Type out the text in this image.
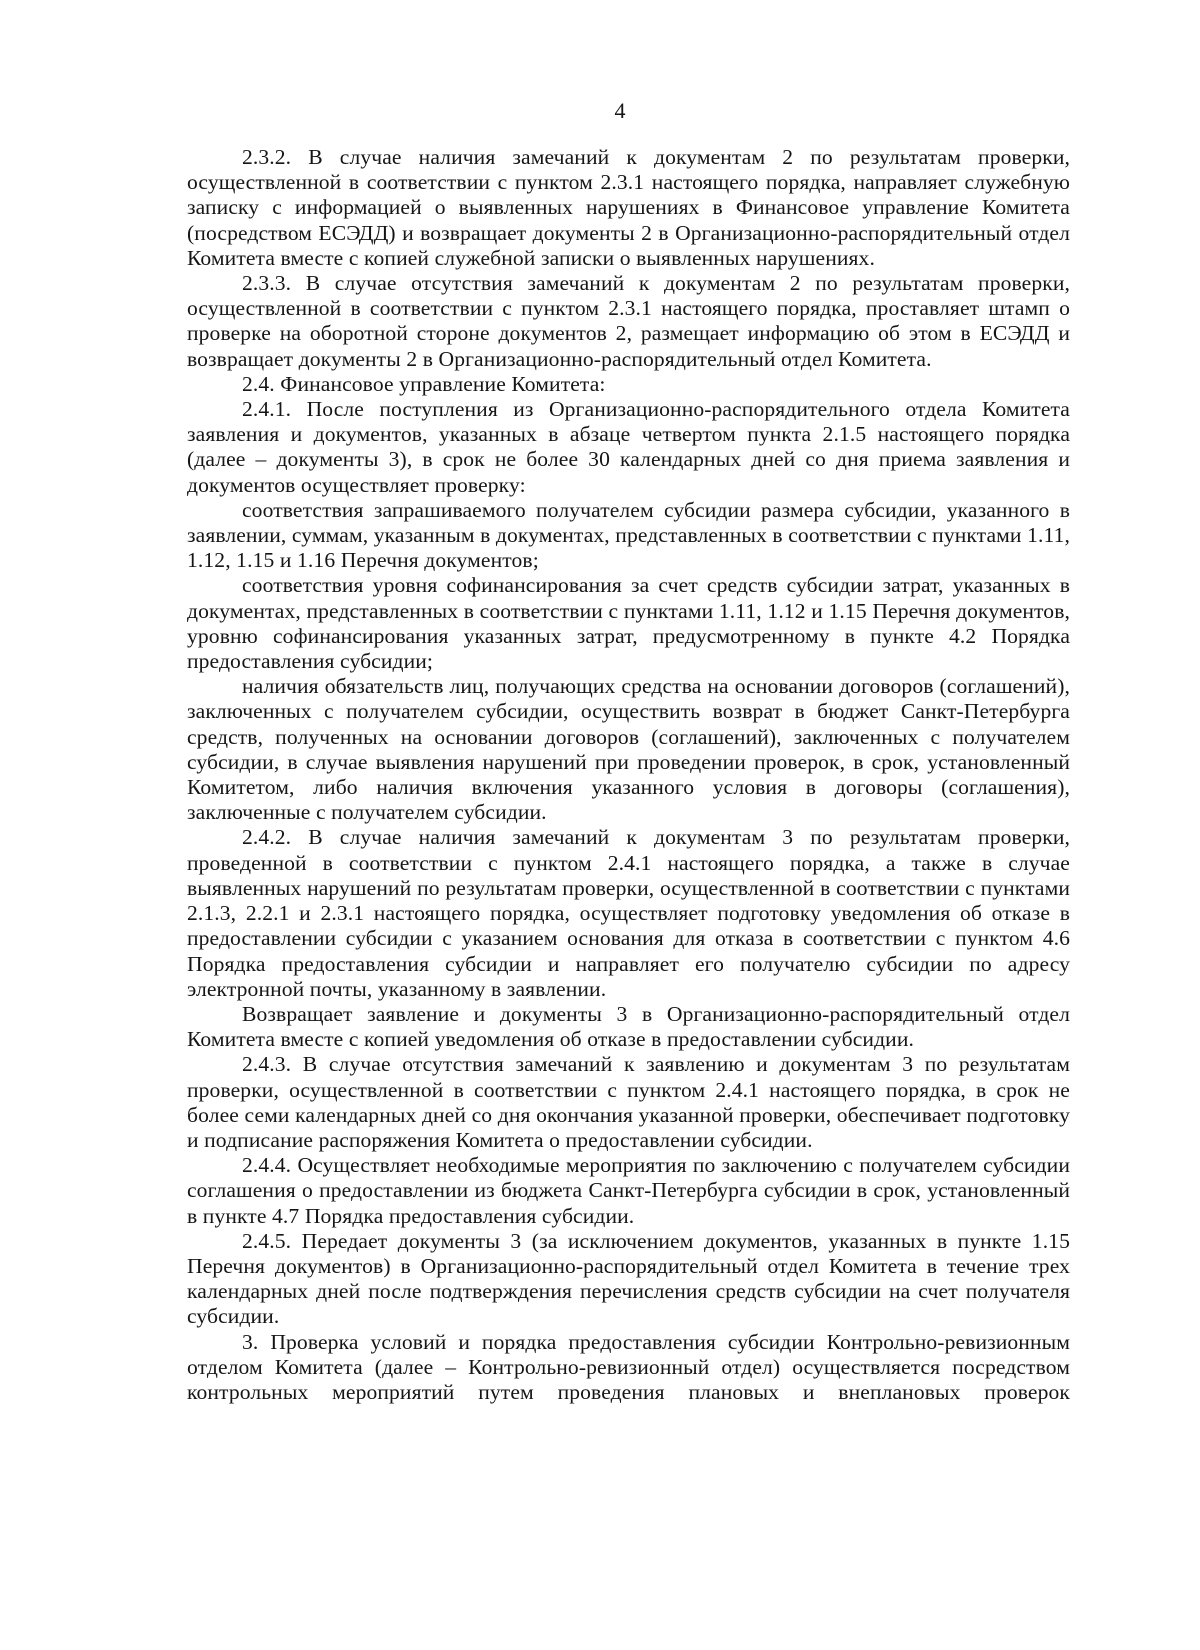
4

2.3.2. В случае наличия замечаний к документам 2 по результатам проверки, осуществленной в соответствии с пунктом 2.3.1 настоящего порядка, направляет служебную записку с информацией о выявленных нарушениях в Финансовое управление Комитета (посредством ЕСЭДД) и возвращает документы 2 в Организационно-распорядительный отдел Комитета вместе с копией служебной записки о выявленных нарушениях.

2.3.3. В случае отсутствия замечаний к документам 2 по результатам проверки, осуществленной в соответствии с пунктом 2.3.1 настоящего порядка, проставляет штамп о проверке на оборотной стороне документов 2, размещает информацию об этом в ЕСЭДД и возвращает документы 2 в Организационно-распорядительный отдел Комитета.

2.4. Финансовое управление Комитета:

2.4.1. После поступления из Организационно-распорядительного отдела Комитета заявления и документов, указанных в абзаце четвертом пункта 2.1.5 настоящего порядка (далее – документы 3), в срок не более 30 календарных дней со дня приема заявления и документов осуществляет проверку:

соответствия запрашиваемого получателем субсидии размера субсидии, указанного в заявлении, суммам, указанным в документах, представленных в соответствии с пунктами 1.11, 1.12, 1.15 и 1.16 Перечня документов;

соответствия уровня софинансирования за счет средств субсидии затрат, указанных в документах, представленных в соответствии с пунктами 1.11, 1.12 и 1.15 Перечня документов, уровню софинансирования указанных затрат, предусмотренному в пункте 4.2 Порядка предоставления субсидии;

наличия обязательств лиц, получающих средства на основании договоров (соглашений), заключенных с получателем субсидии, осуществить возврат в бюджет Санкт-Петербурга средств, полученных на основании договоров (соглашений), заключенных с получателем субсидии, в случае выявления нарушений при проведении проверок, в срок, установленный Комитетом, либо наличия включения указанного условия в договоры (соглашения), заключенные с получателем субсидии.

2.4.2. В случае наличия замечаний к документам 3 по результатам проверки, проведенной в соответствии с пунктом 2.4.1 настоящего порядка, а также в случае выявленных нарушений по результатам проверки, осуществленной в соответствии с пунктами 2.1.3, 2.2.1 и 2.3.1 настоящего порядка, осуществляет подготовку уведомления об отказе в предоставлении субсидии с указанием основания для отказа в соответствии с пунктом 4.6 Порядка предоставления субсидии и направляет его получателю субсидии по адресу электронной почты, указанному в заявлении.

Возвращает заявление и документы 3 в Организационно-распорядительный отдел Комитета вместе с копией уведомления об отказе в предоставлении субсидии.

2.4.3. В случае отсутствия замечаний к заявлению и документам 3 по результатам проверки, осуществленной в соответствии с пунктом 2.4.1 настоящего порядка, в срок не более семи календарных дней со дня окончания указанной проверки, обеспечивает подготовку и подписание распоряжения Комитета о предоставлении субсидии.

2.4.4. Осуществляет необходимые мероприятия по заключению с получателем субсидии соглашения о предоставлении из бюджета Санкт-Петербурга субсидии в срок, установленный в пункте 4.7 Порядка предоставления субсидии.

2.4.5. Передает документы 3 (за исключением документов, указанных в пункте 1.15 Перечня документов) в Организационно-распорядительный отдел Комитета в течение трех календарных дней после подтверждения перечисления средств субсидии на счет получателя субсидии.

3. Проверка условий и порядка предоставления субсидии Контрольно-ревизионным отделом Комитета (далее – Контрольно-ревизионный отдел) осуществляется посредством контрольных мероприятий путем проведения плановых и внеплановых проверок
